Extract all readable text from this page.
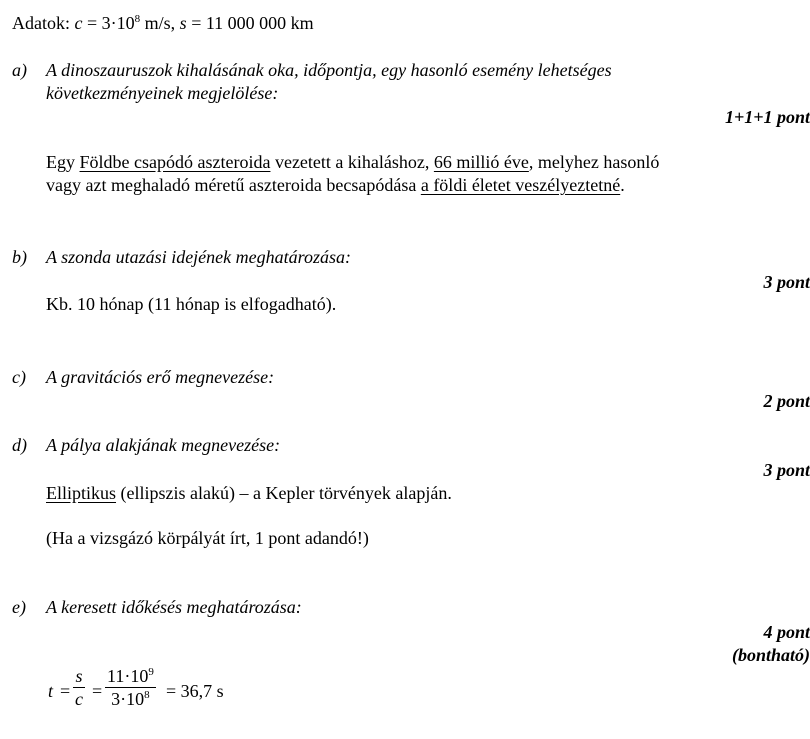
Adatok: $c = 3\cdot 10^8$ m/s, s = 11 000 000 km
a) A dinoszauruszok kihalásának oka, időpontja, egy hasonló esemény lehetséges
következményeinek megjelölése:
1+1+1 pont
Egy Földbe csapódó aszteroida vezetett a kihaláshoz, 66 millió éve, melyhez hasonló
vagy azt meghaladó méretű aszteroida becsapódása a földi életet veszélyeztetné.
b) A szonda utazási idejének meghatározása:
3 pont
Kb. 10 hónap (11 hónap is elfogadható).
c) A gravitációs erő megnevezése:
2 pont
d) A pálya alakjának megnevezése:
3 pont
Elliptikus (ellipszis alakú) – a Kepler törvények alapján.
(Ha a vizsgázó körpályát írt, 1 pont adandó!)
e) A keresett időkésés meghatározása:
4 pont
(bontható)
t =
s
c =
$11\cdot 10^9$
$3\cdot 10^8 = 36,7$ s
